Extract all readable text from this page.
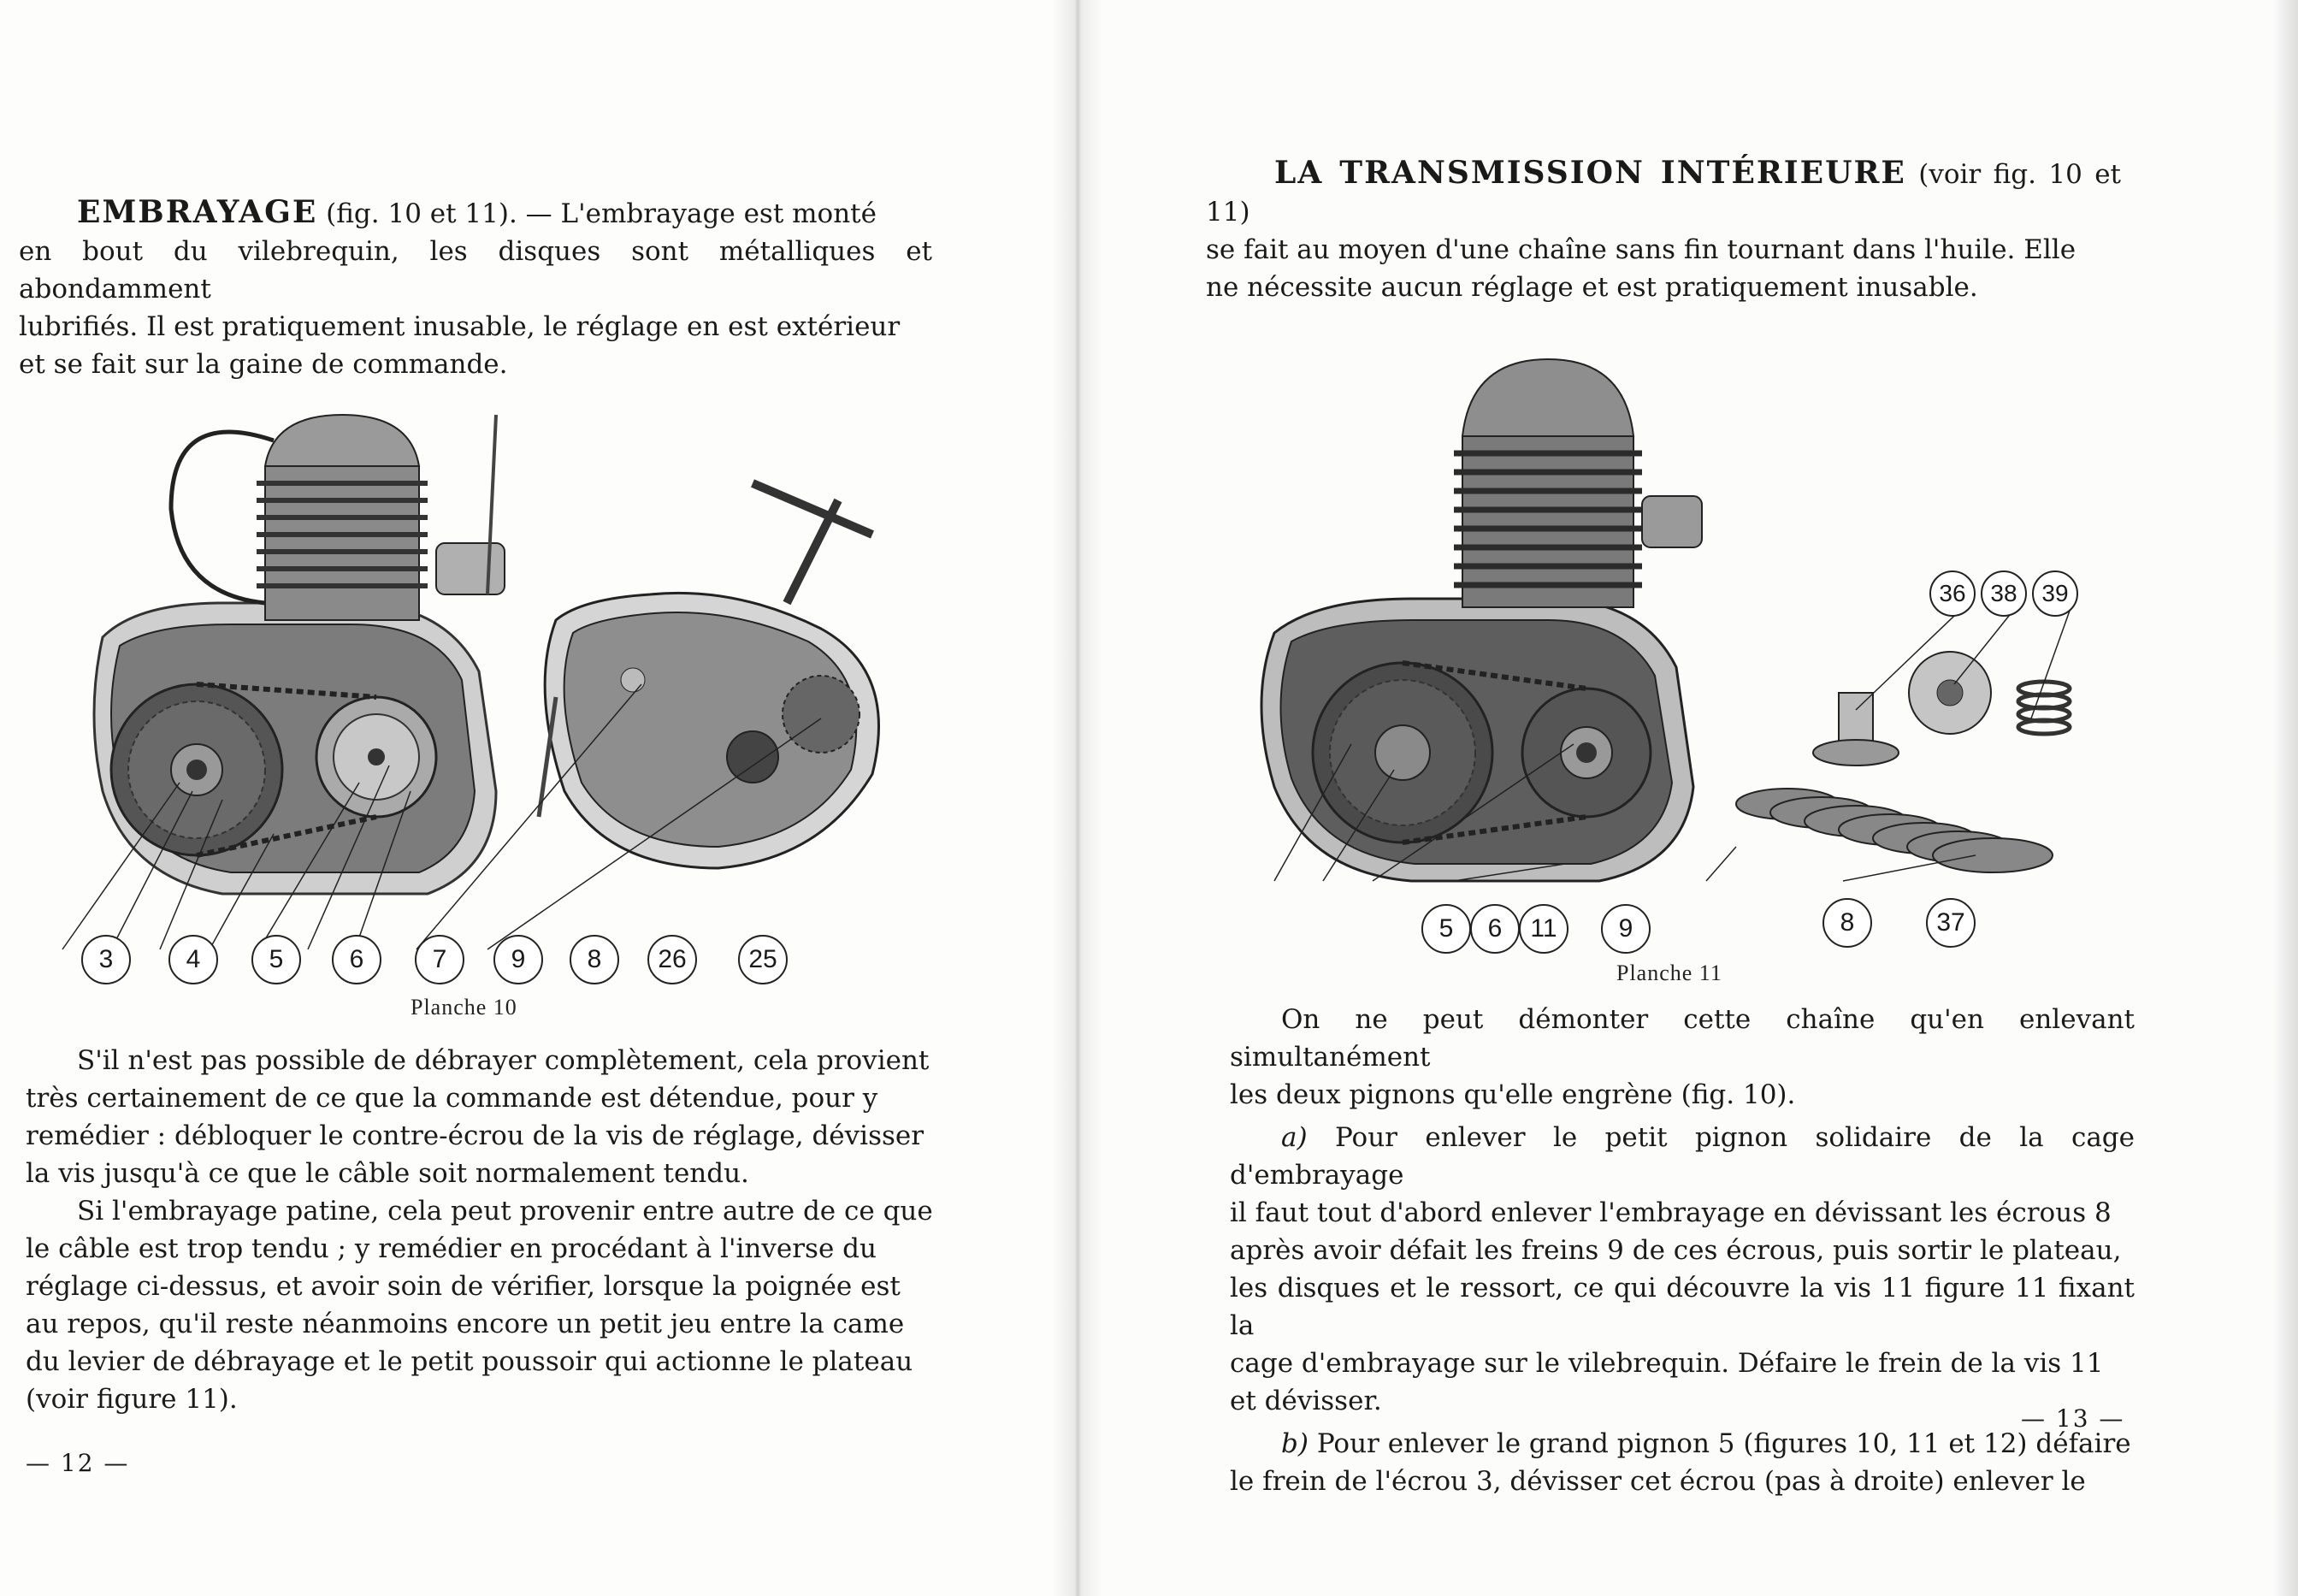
EMBRAYAGE (fig. 10 et 11). — L'embrayage est monté

en bout du vilebrequin, les disques sont métalliques et abondamment

lubrifiés. Il est pratiquement inusable, le réglage en est extérieur

et se fait sur la gaine de commande.

3	4	5	6	7	9	8	26	25
Planche 10

S'il n'est pas possible de débrayer complètement, cela provient

très certainement de ce que la commande est détendue, pour y

remédier : débloquer le contre-écrou de la vis de réglage, dévisser

la vis jusqu'à ce que le câble soit normalement tendu.

Si l'embrayage patine, cela peut provenir entre autre de ce que

le câble est trop tendu ; y remédier en procédant à l'inverse du

réglage ci-dessus, et avoir soin de vérifier, lorsque la poignée est

au repos, qu'il reste néanmoins encore un petit jeu entre la came

du levier de débrayage et le petit poussoir qui actionne le plateau

(voir figure 11).

— 12 —

LA TRANSMISSION INTÉRIEURE (voir fig. 10 et 11)

se fait au moyen d'une chaîne sans fin tournant dans l'huile. Elle

ne nécessite aucun réglage et est pratiquement inusable.

36	38	39
5	6	11	9	8	37
Planche 11

On ne peut démonter cette chaîne qu'en enlevant simultanément

les deux pignons qu'elle engrène (fig. 10).

a) Pour enlever le petit pignon solidaire de la cage d'embrayage

il faut tout d'abord enlever l'embrayage en dévissant les écrous 8

après avoir défait les freins 9 de ces écrous, puis sortir le plateau,

les disques et le ressort, ce qui découvre la vis 11 figure 11 fixant la

cage d'embrayage sur le vilebrequin. Défaire le frein de la vis 11

et dévisser.

b) Pour enlever le grand pignon 5 (figures 10, 11 et 12) défaire

le frein de l'écrou 3, dévisser cet écrou (pas à droite) enlever le

— 13 —
